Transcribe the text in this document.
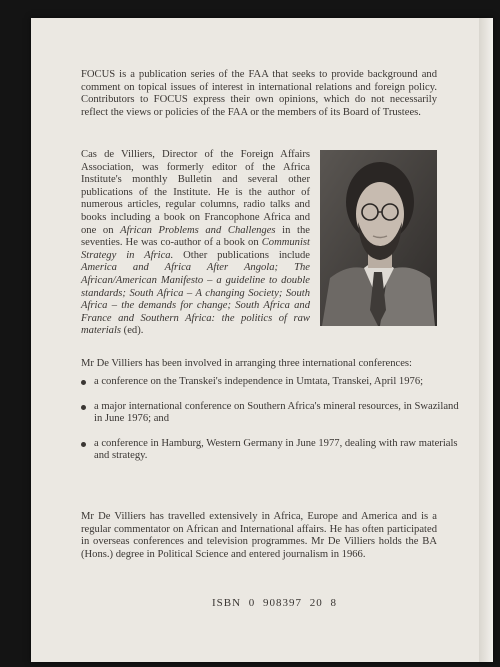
FOCUS is a publication series of the FAA that seeks to provide background and comment on topical issues of interest in international relations and foreign policy. Contributors to FOCUS express their own opinions, which do not necessarily reflect the views or policies of the FAA or the members of its Board of Trustees.

Cas de Villiers, Director of the Foreign Affairs Association, was formerly editor of the Africa Institute's monthly Bulletin and several other publications of the Institute. He is the author of numerous articles, regular columns, radio talks and books including a book on Francophone Africa and one on African Problems and Challenges in the seventies. He was co-author of a book on Communist Strategy in Africa. Other publications include America and Africa After Angola; The African/American Manifesto – a guideline to double standards; South Africa – A changing Society; South Africa – the demands for change; South Africa and France and Southern Africa: the politics of raw materials (ed).

Mr De Villiers has been involved in arranging three international conferences:

a conference on the Transkei's independence in Umtata, Transkei, April 1976;
a major international conference on Southern Africa's mineral resources, in Swaziland in June 1976; and
a conference in Hamburg, Western Germany in June 1977, dealing with raw materials and strategy.

Mr De Villiers has travelled extensively in Africa, Europe and America and is a regular commentator on African and International affairs. He has often participated in overseas conferences and television programmes. Mr De Villiers holds the BA (Hons.) degree in Political Science and entered journalism in 1966.

ISBN 0 908397 20 8
